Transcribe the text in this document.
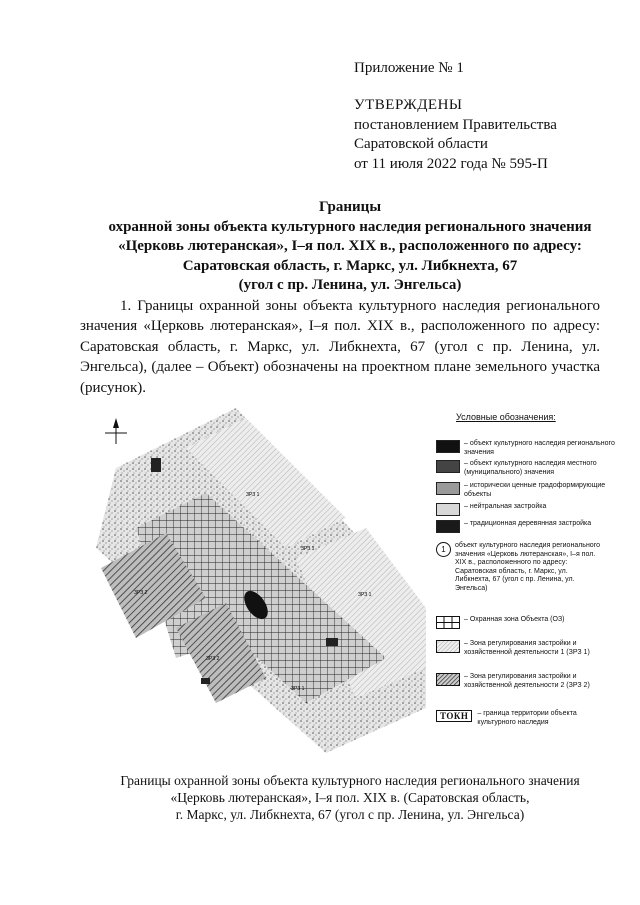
Приложение № 1
УТВЕРЖДЕНЫ
постановлением Правительства
Саратовской области
от 11 июля 2022 года № 595-П
Границы
охранной зоны объекта культурного наследия регионального значения
«Церковь лютеранская», I–я пол. XIX в., расположенного по адресу:
Саратовская область, г. Маркс, ул. Либкнехта, 67
(угол с пр. Ленина, ул. Энгельса)
1. Границы охранной зоны объекта культурного наследия регионального значения «Церковь лютеранская», I–я пол. XIX в., расположенного по адресу: Саратовская область, г. Маркс, ул. Либкнехта, 67 (угол с пр. Ленина, ул. Энгельса), (далее – Объект) обозначены на проектном плане земельного участка (рисунок).
ЗРЗ 1
ЗРЗ 1
ЗРЗ 1
ЗРЗ 2
ЗРЗ 2
ЗРЗ 1
Условные обозначения:
– объект культурного наследия регионального значения
– объект культурного наследия местного (муниципального) значения
– исторически ценные градоформирующие объекты
– нейтральная застройка
– традиционная деревянная застройка
1	объект культурного наследия регионального значения «Церковь лютеранская», I–я пол. XIX в., расположенного по адресу: Саратовская область, г. Маркс, ул. Либкнехта, 67 (угол с пр. Ленина, ул. Энгельса)
– Охранная зона Объекта (ОЗ)
– Зона регулирования застройки и хозяйственной деятельности 1 (ЗРЗ 1)
– Зона регулирования застройки и хозяйственной деятельности 2 (ЗРЗ 2)
ТОКН	– граница территории объекта культурного наследия
Границы охранной зоны объекта культурного наследия регионального значения
«Церковь лютеранская», I–я пол. XIX в. (Саратовская область,
г. Маркс, ул. Либкнехта, 67 (угол с пр. Ленина, ул. Энгельса)
